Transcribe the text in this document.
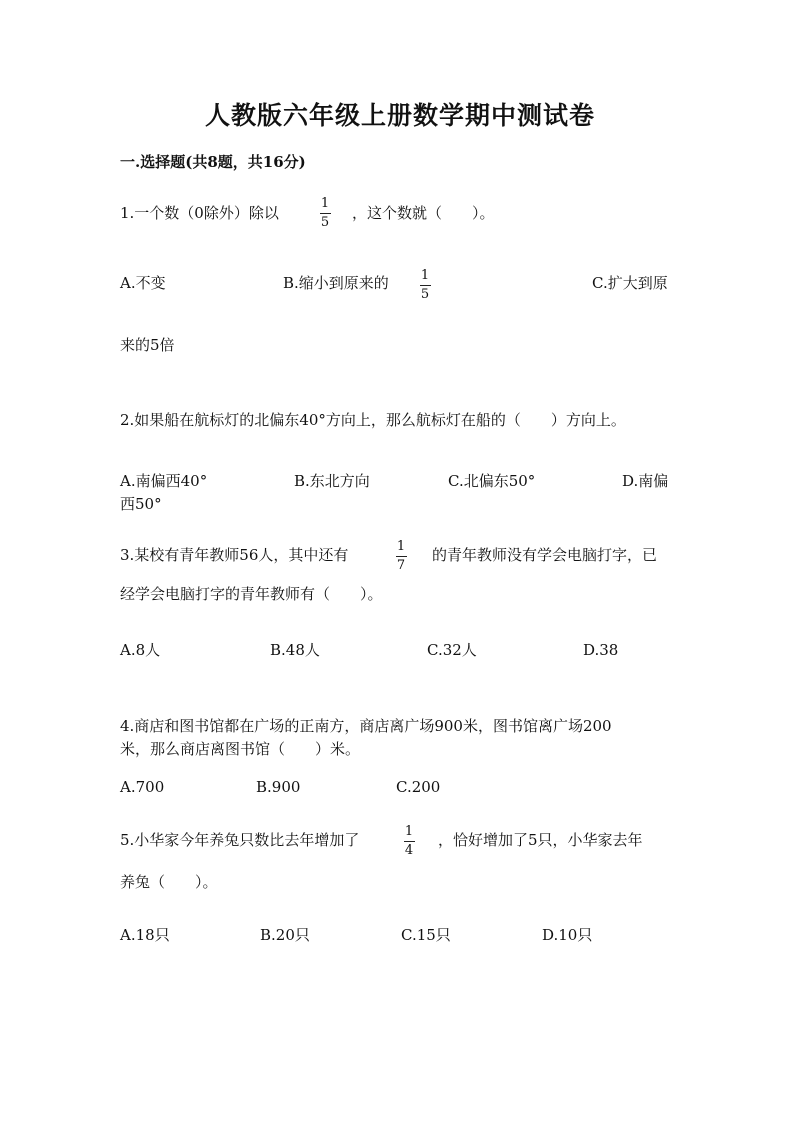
人教版六年级上册数学期中测试卷
一.选择题(共8题，共16分)
1.一个数（0除外）除以
1
5
，这个数就（　　）。
A.不变	B.缩小到原来的 1
5
C.扩大到原
来的5倍
2.如果船在航标灯的北偏东40°方向上，那么航标灯在船的（　　）方向上。
A.南偏西40°	B.东北方向	C.北偏东50°	D.南偏
西50°
3.某校有青年教师56人，其中还有	1
7
的青年教师没有学会电脑打字，已
经学会电脑打字的青年教师有（　　）。
A.8人	B.48人	C.32人	D.38
4.商店和图书馆都在广场的正南方，商店离广场900米，图书馆离广场200
米，那么商店离图书馆（　　）米。
A.700	B.900	C.200
5.小华家今年养兔只数比去年增加了	1
4
，恰好增加了5只，小华家去年
养兔（　　）。
A.18只	B.20只	C.15只	D.10只
